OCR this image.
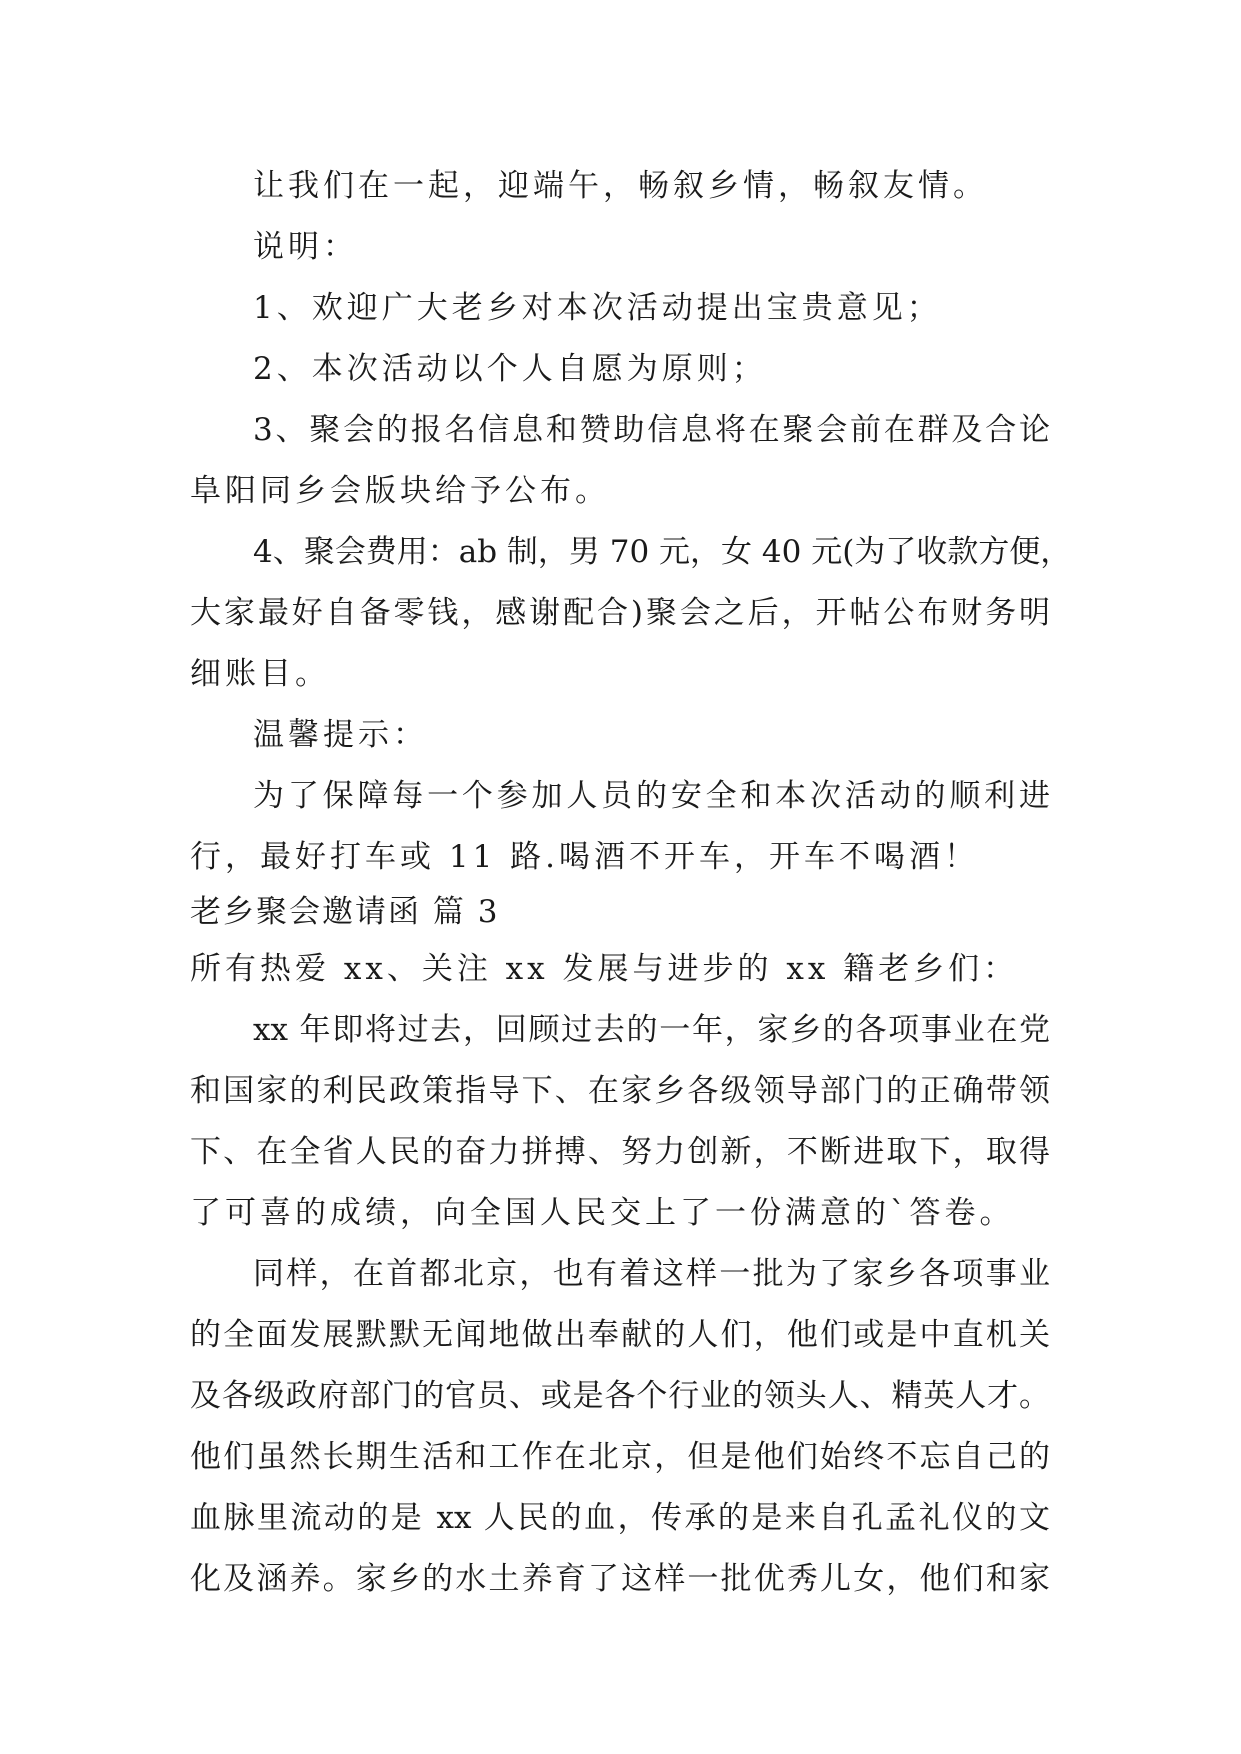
让我们在一起，迎端午，畅叙乡情，畅叙友情。
说明：
1、欢迎广大老乡对本次活动提出宝贵意见；
2、本次活动以个人自愿为原则；
3、聚会的报名信息和赞助信息将在聚会前在群及合论
阜阳同乡会版块给予公布。
4、聚会费用：ab 制，男 70 元，女 40 元(为了收款方便，
大家最好自备零钱，感谢配合)聚会之后，开帖公布财务明
细账目。
温馨提示：
为了保障每一个参加人员的安全和本次活动的顺利进
行，最好打车或 11 路.喝酒不开车，开车不喝酒！
老乡聚会邀请函 篇 3
所有热爱 xx、关注 xx 发展与进步的 xx 籍老乡们：
xx 年即将过去，回顾过去的一年，家乡的各项事业在党
和国家的利民政策指导下、在家乡各级领导部门的正确带领
下、在全省人民的奋力拼搏、努力创新，不断进取下，取得
了可喜的成绩，向全国人民交上了一份满意的`答卷。
同样，在首都北京，也有着这样一批为了家乡各项事业
的全面发展默默无闻地做出奉献的人们，他们或是中直机关
及各级政府部门的官员、或是各个行业的领头人、精英人才。
他们虽然长期生活和工作在北京，但是他们始终不忘自己的
血脉里流动的是 xx 人民的血，传承的是来自孔孟礼仪的文
化及涵养。家乡的水土养育了这样一批优秀儿女，他们和家
